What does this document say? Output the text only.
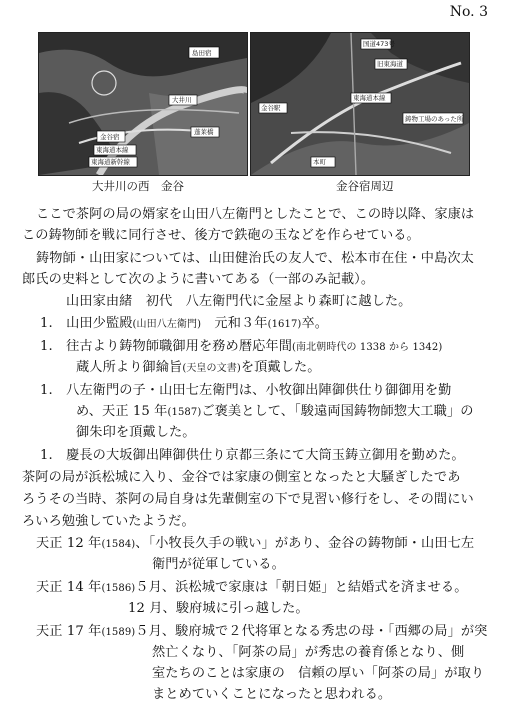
No. 3
島田宿
金谷宿
蓬莱橋
大井川
東海道本線
東海道新幹線
大井川の西　金谷
国道473号
旧東海道
金谷駅
鋳物工場のあった所
東海道本線
本町
金谷宿周辺
ここで茶阿の局の婿家を山田八左衛門としたことで、この時以降、家康は
この鋳物師を戦に同行させ、後方で鉄砲の玉などを作らせている。
鋳物師・山田家については、山田健治氏の友人で、松本市在住・中島次太
郎氏の史料として次のように書いてある（一部のみ記載）。
山田家由緒　初代　八左衛門代に金屋より森町に越した。
1.　 山田少監殿(山田八左衛門)　元和３年(1617)卒。
1.　 往古より鋳物師職御用を務め暦応年間(南北朝時代の 1338 から 1342)
蔵人所より御綸旨(天皇の文書)を頂戴した。
1.　 八左衛門の子・山田七左衛門は、小牧御出陣御供仕り御御用を勤
め、天正 15 年(1587)ご褒美として、「駿遠両国鋳物師惣大工職」の
御朱印を頂戴した。
1.　 慶長の大坂御出陣御供仕り京都三条にて大筒玉鋳立御用を勤めた。
茶阿の局が浜松城に入り、金谷では家康の側室となったと大騒ぎしたであ
ろうその当時、茶阿の局自身は先輩側室の下で見習い修行をし、その間にい
ろいろ勉強していたようだ。
天正 12 年(1584)、「小牧長久手の戦い」があり、金谷の鋳物師・山田七左
衛門が従軍している。
天正 14 年(1586)５月、浜松城で家康は「朝日姫」と結婚式を済ませる。
12 月、駿府城に引っ越した。
天正 17 年(1589)５月、駿府城で２代将軍となる秀忠の母・「西郷の局」が突
然亡くなり、「阿茶の局」が秀忠の養育係となり、側
室たちのことは家康の　信頼の厚い「阿茶の局」が取り
まとめていくことになったと思われる。
